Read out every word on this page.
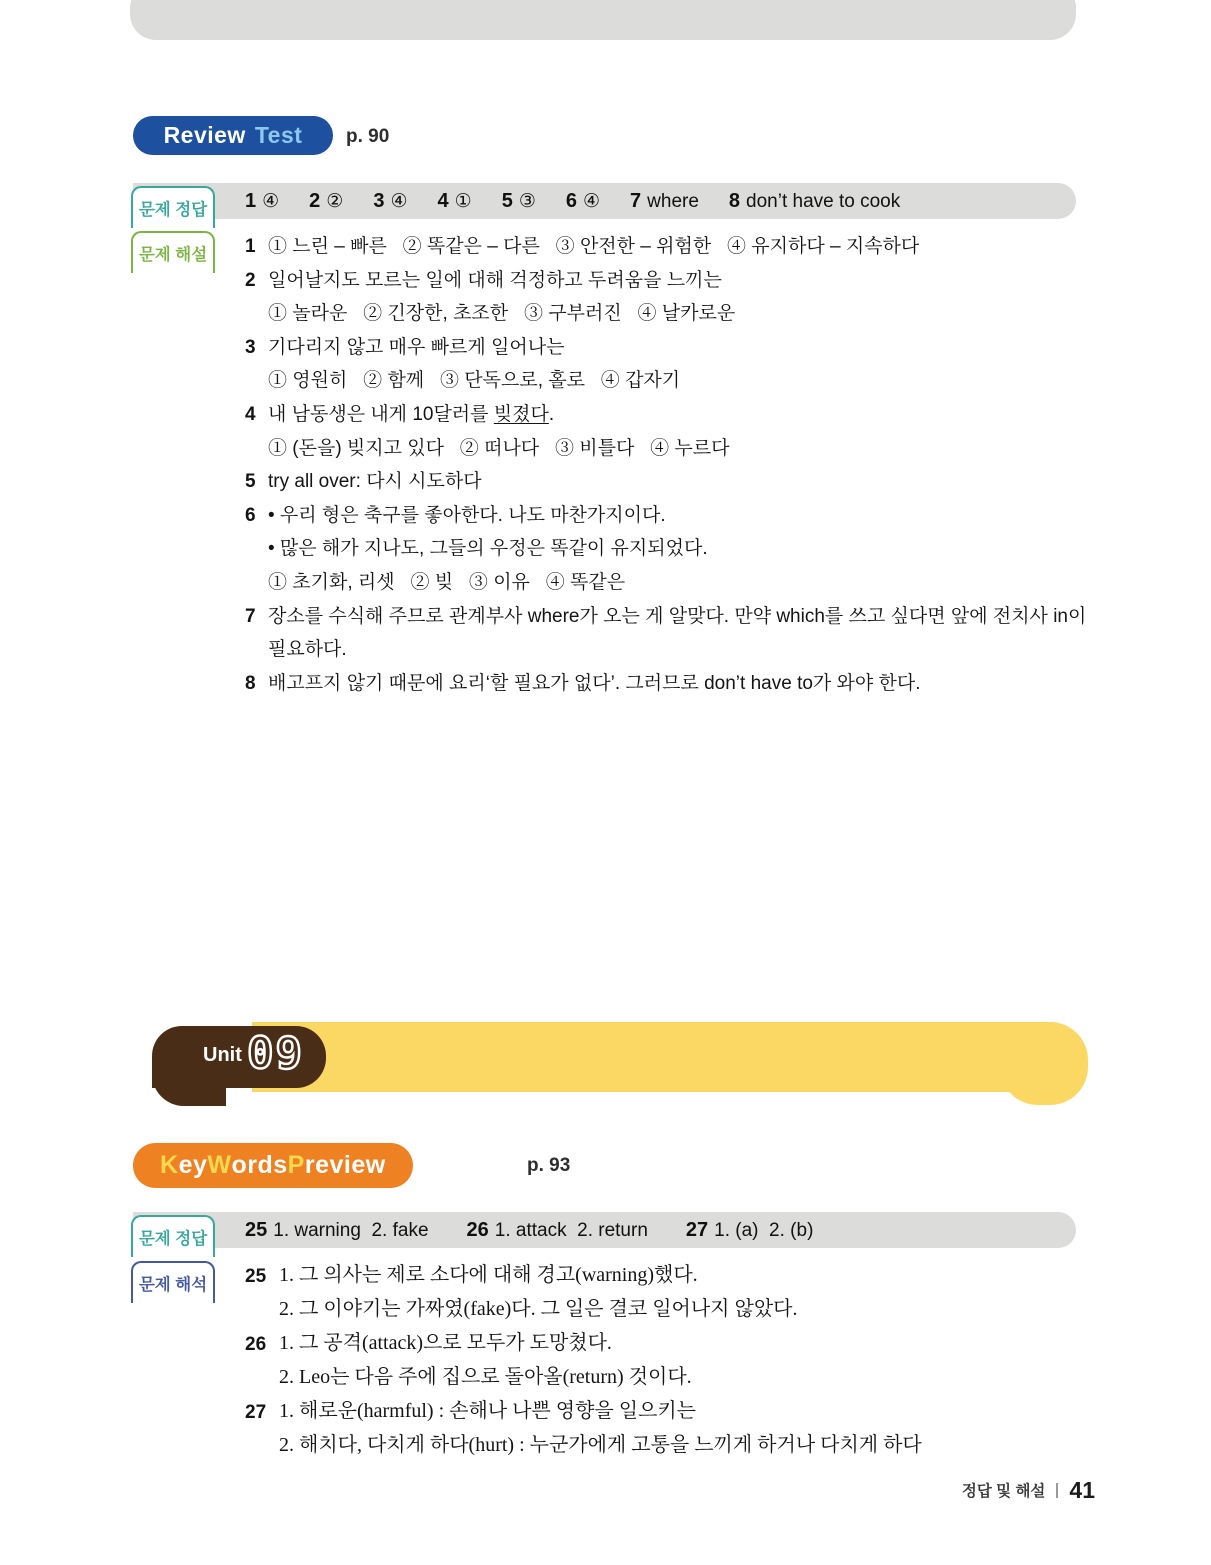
Review Test p. 90
1 ④ 2 ② 3 ④ 4 ① 5 ③ 6 ④ 7 where 8 don’t have to cook
문제 정답
문제 해설	1 ① 느린 – 빠른   ② 똑같은 – 다른   ③ 안전한 – 위험한   ④ 유지하다 – 지속하다
2 일어날지도 모르는 일에 대해 걱정하고 두려움을 느끼는
① 놀라운   ② 긴장한, 초조한   ③ 구부러진   ④ 날카로운
3 기다리지 않고 매우 빠르게 일어나는
① 영원히   ② 함께   ③ 단독으로, 홀로   ④ 갑자기
4 내 남동생은 내게 10달러를 빚졌다.
① (돈을) 빚지고 있다   ② 떠나다   ③ 비틀다   ④ 누르다
5 try all over: 다시 시도하다
6 • 우리 형은 축구를 좋아한다. 나도 마찬가지이다.
• 많은 해가 지나도, 그들의 우정은 똑같이 유지되었다.
① 초기화, 리셋   ② 빚   ③ 이유   ④ 똑같은
7 장소를 수식해 주므로 관계부사 where가 오는 게 알맞다. 만약 which를 쓰고 싶다면 앞에 전치사 in이 필요하다.
8 배고프지 않기 때문에 요리‘할 필요가 없다’. 그러므로 don’t have to가 와야 한다.
Unit 09
K ey W ords P review	p. 93
25 1. warning  2. fake 26 1. attack  2. return 27 1. (a)  2. (b)
문제 정답
문제 해석	25 1. 그 의사는 제로 소다에 대해 경고(warning)했다.
2. 그 이야기는 가짜였(fake)다. 그 일은 결코 일어나지 않았다.
26 1. 그 공격(attack)으로 모두가 도망쳤다.
2. Leo는 다음 주에 집으로 돌아올(return) 것이다.
27 1. 해로운(harmful) : 손해나 나쁜 영향을 일으키는
2. 해치다, 다치게 하다(hurt) : 누군가에게 고통을 느끼게 하거나 다치게 하다
정답 및 해설 41
